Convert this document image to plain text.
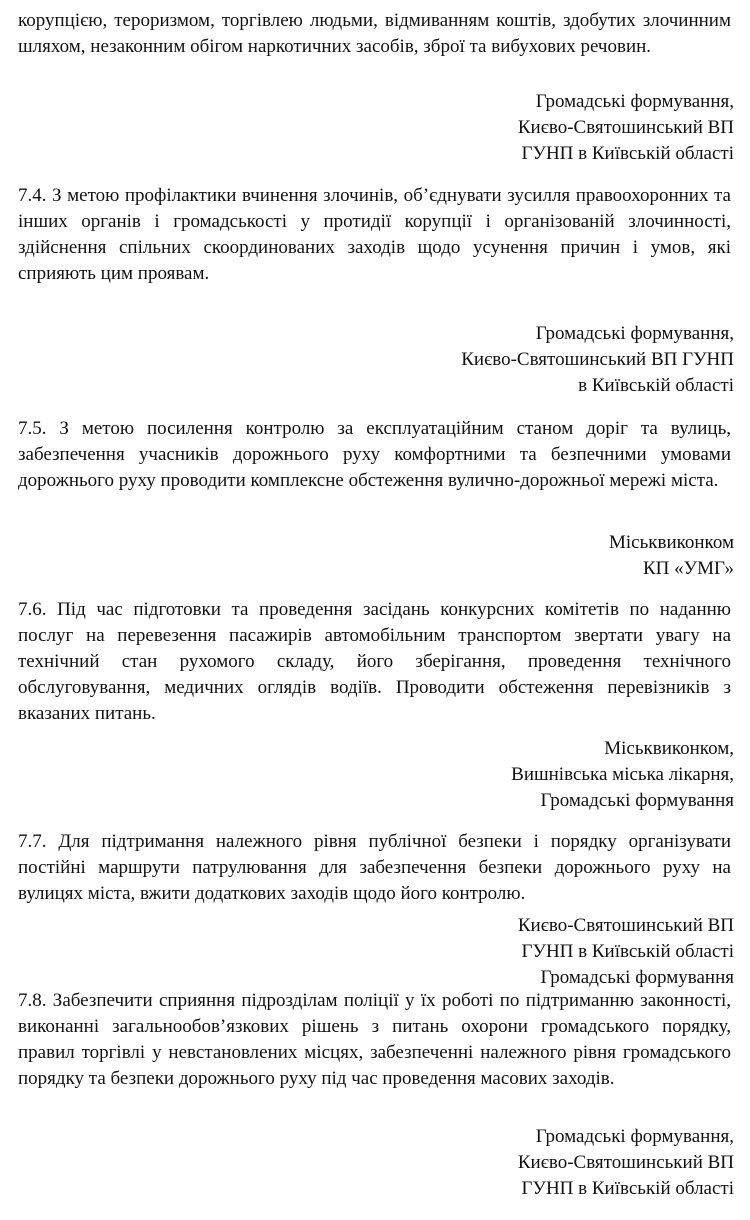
корупцією, тероризмом, торгівлею людьми, відмиванням коштів, здобутих злочинним шляхом, незаконним обігом наркотичних засобів, зброї та вибухових речовин.

Громадські формування,
Києво-Святошинський ВП
ГУНП в Київській області

7.4. З метою профілактики вчинення злочинів, об’єднувати зусилля правоохоронних та інших органів і громадськості у протидії корупції і організованій злочинності, здійснення спільних скоординованих заходів щодо усунення причин і умов, які сприяють цим проявам.

Громадські формування,
Києво-Святошинський ВП ГУНП
в Київській області

7.5. З метою посилення контролю за експлуатаційним станом доріг та вулиць, забезпечення учасників дорожнього руху комфортними та безпечними умовами дорожнього руху проводити комплексне обстеження вулично-дорожньої мережі міста.

Міськвиконком
КП «УМГ»

7.6. Під час підготовки та проведення засідань конкурсних комітетів по наданню послуг на перевезення пасажирів автомобільним транспортом звертати увагу на технічний стан рухомого складу, його зберігання, проведення технічного обслуговування, медичних оглядів водіїв. Проводити обстеження перевізників з вказаних питань.

Міськвиконком,
Вишнівська міська лікарня,
Громадські формування

7.7. Для підтримання належного рівня публічної безпеки і порядку організувати постійні маршрути патрулювання для забезпечення безпеки дорожнього руху на вулицях міста, вжити додаткових заходів щодо його контролю.

Києво-Святошинський ВП
ГУНП в Київській області
Громадські формування

7.8. Забезпечити сприяння підрозділам поліції у їх роботі по підтриманню законності, виконанні загальнообов’язкових рішень з питань охорони громадського порядку, правил торгівлі у невстановлених місцях, забезпеченні належного рівня громадського порядку та безпеки дорожнього руху під час проведення масових заходів.

Громадські формування,
Києво-Святошинський ВП
ГУНП в Київській області
